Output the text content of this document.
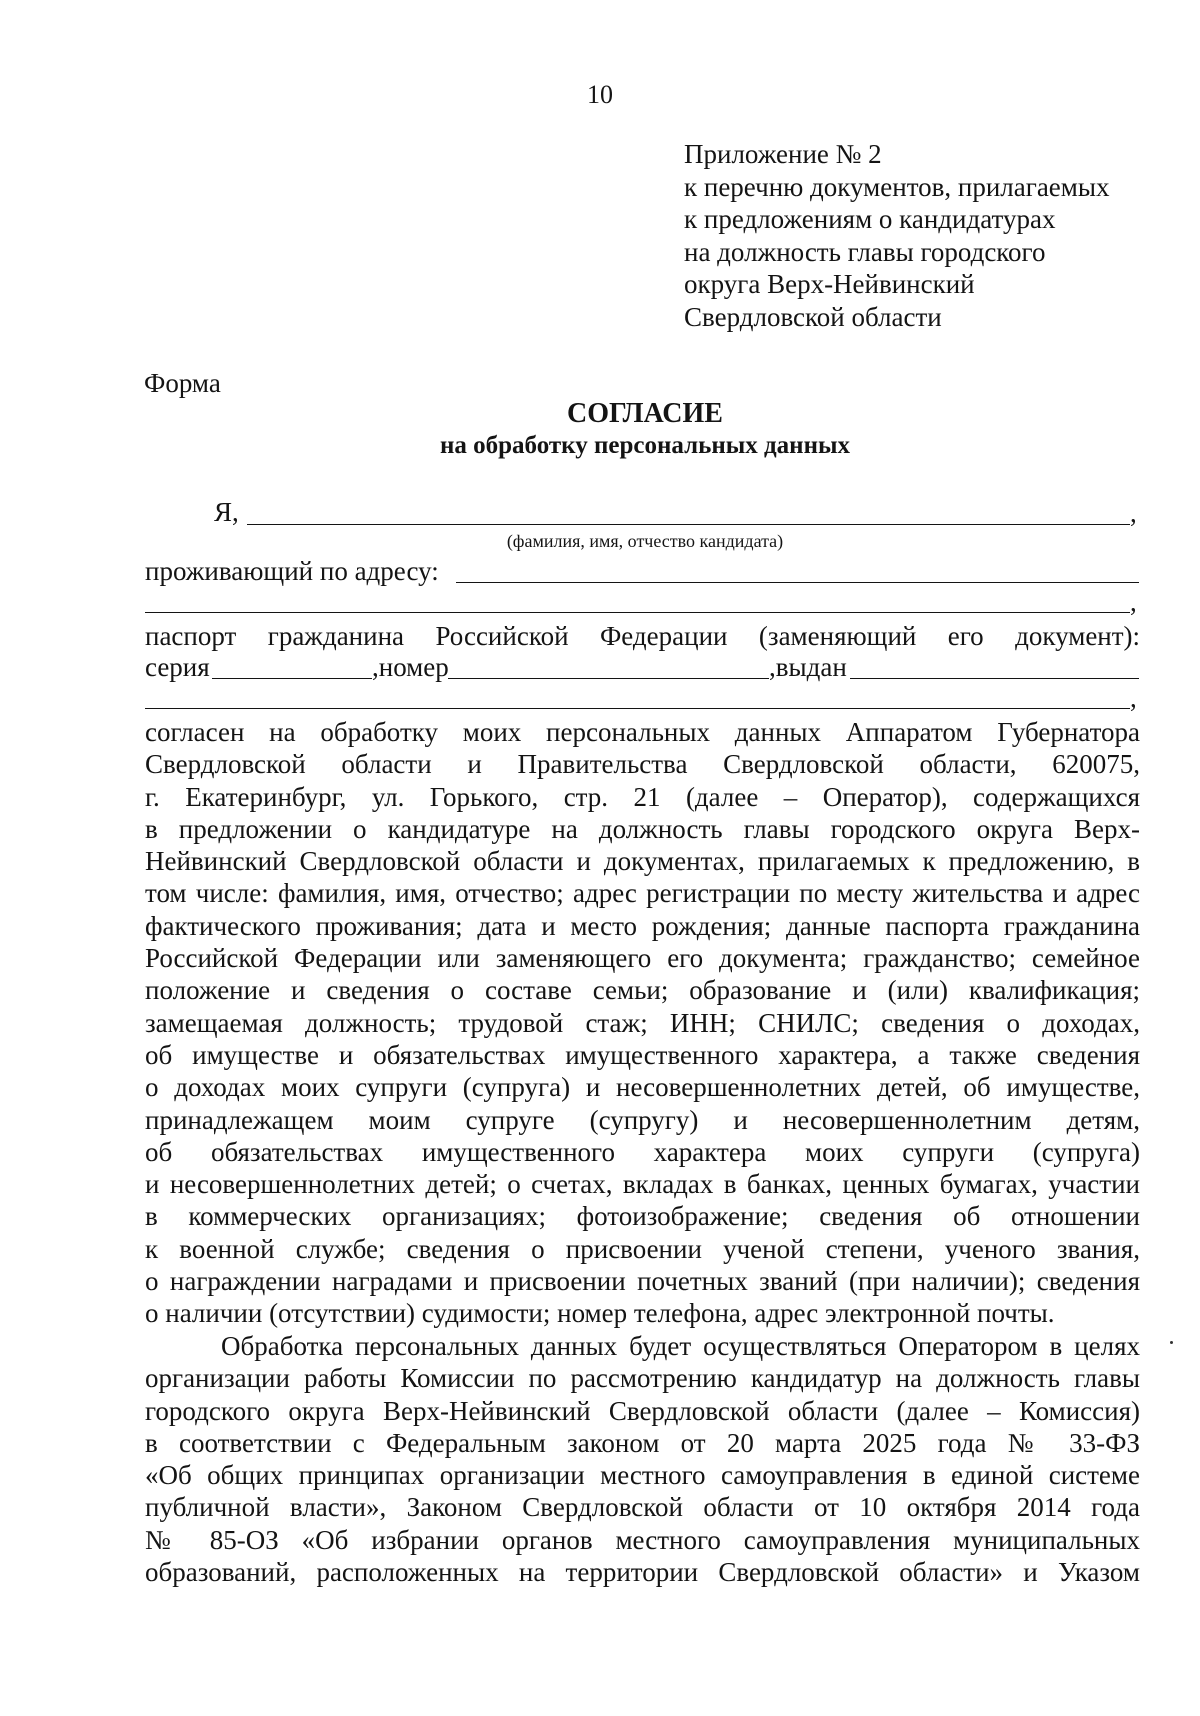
10
Приложение № 2
к перечню документов, прилагаемых
к предложениям о кандидатурах
на должность главы городского
округа Верх-Нейвинский
Свердловской области
Форма
СОГЛАСИЕ
на обработку персональных данных
Я,	,
(фамилия, имя, отчество кандидата)
проживающий по адресу:
,
паспорт гражданина Российской Федерации (заменяющий его документ):
серия	,номер	,выдан
,
согласен на обработку моих персональных данных Аппаратом Губернатора
Свердловской области и Правительства Свердловской области, 620075,
г. Екатеринбург, ул. Горького, стр. 21 (далее – Оператор), содержащихся
в предложении о кандидатуре на должность главы городского округа Верх-
Нейвинский Свердловской области и документах, прилагаемых к предложению, в
том числе: фамилия, имя, отчество; адрес регистрации по месту жительства и адрес
фактического проживания; дата и место рождения; данные паспорта гражданина
Российской Федерации или заменяющего его документа; гражданство; семейное
положение и сведения о составе семьи; образование и (или) квалификация;
замещаемая должность; трудовой стаж; ИНН; СНИЛС; сведения о доходах,
об имуществе и обязательствах имущественного характера, а также сведения
о доходах моих супруги (супруга) и несовершеннолетних детей, об имуществе,
принадлежащем моим супруге (супругу) и несовершеннолетним детям,
об обязательствах имущественного характера моих супруги (супруга)
и несовершеннолетних детей; о счетах, вкладах в банках, ценных бумагах, участии
в коммерческих организациях; фотоизображение; сведения об отношении
к военной службе; сведения о присвоении ученой степени, ученого звания,
о награждении наградами и присвоении почетных званий (при наличии); сведения
о наличии (отсутствии) судимости; номер телефона, адрес электронной почты.
Обработка персональных данных будет осуществляться Оператором в целях
организации работы Комиссии по рассмотрению кандидатур на должность главы
городского округа Верх-Нейвинский Свердловской области (далее – Комиссия)
в соответствии с Федеральным законом от 20 марта 2025 года № 33-ФЗ
«Об общих принципах организации местного самоуправления в единой системе
публичной власти», Законом Свердловской области от 10 октября 2014 года
№ 85-ОЗ «Об избрании органов местного самоуправления муниципальных
образований, расположенных на территории Свердловской области» и Указом
